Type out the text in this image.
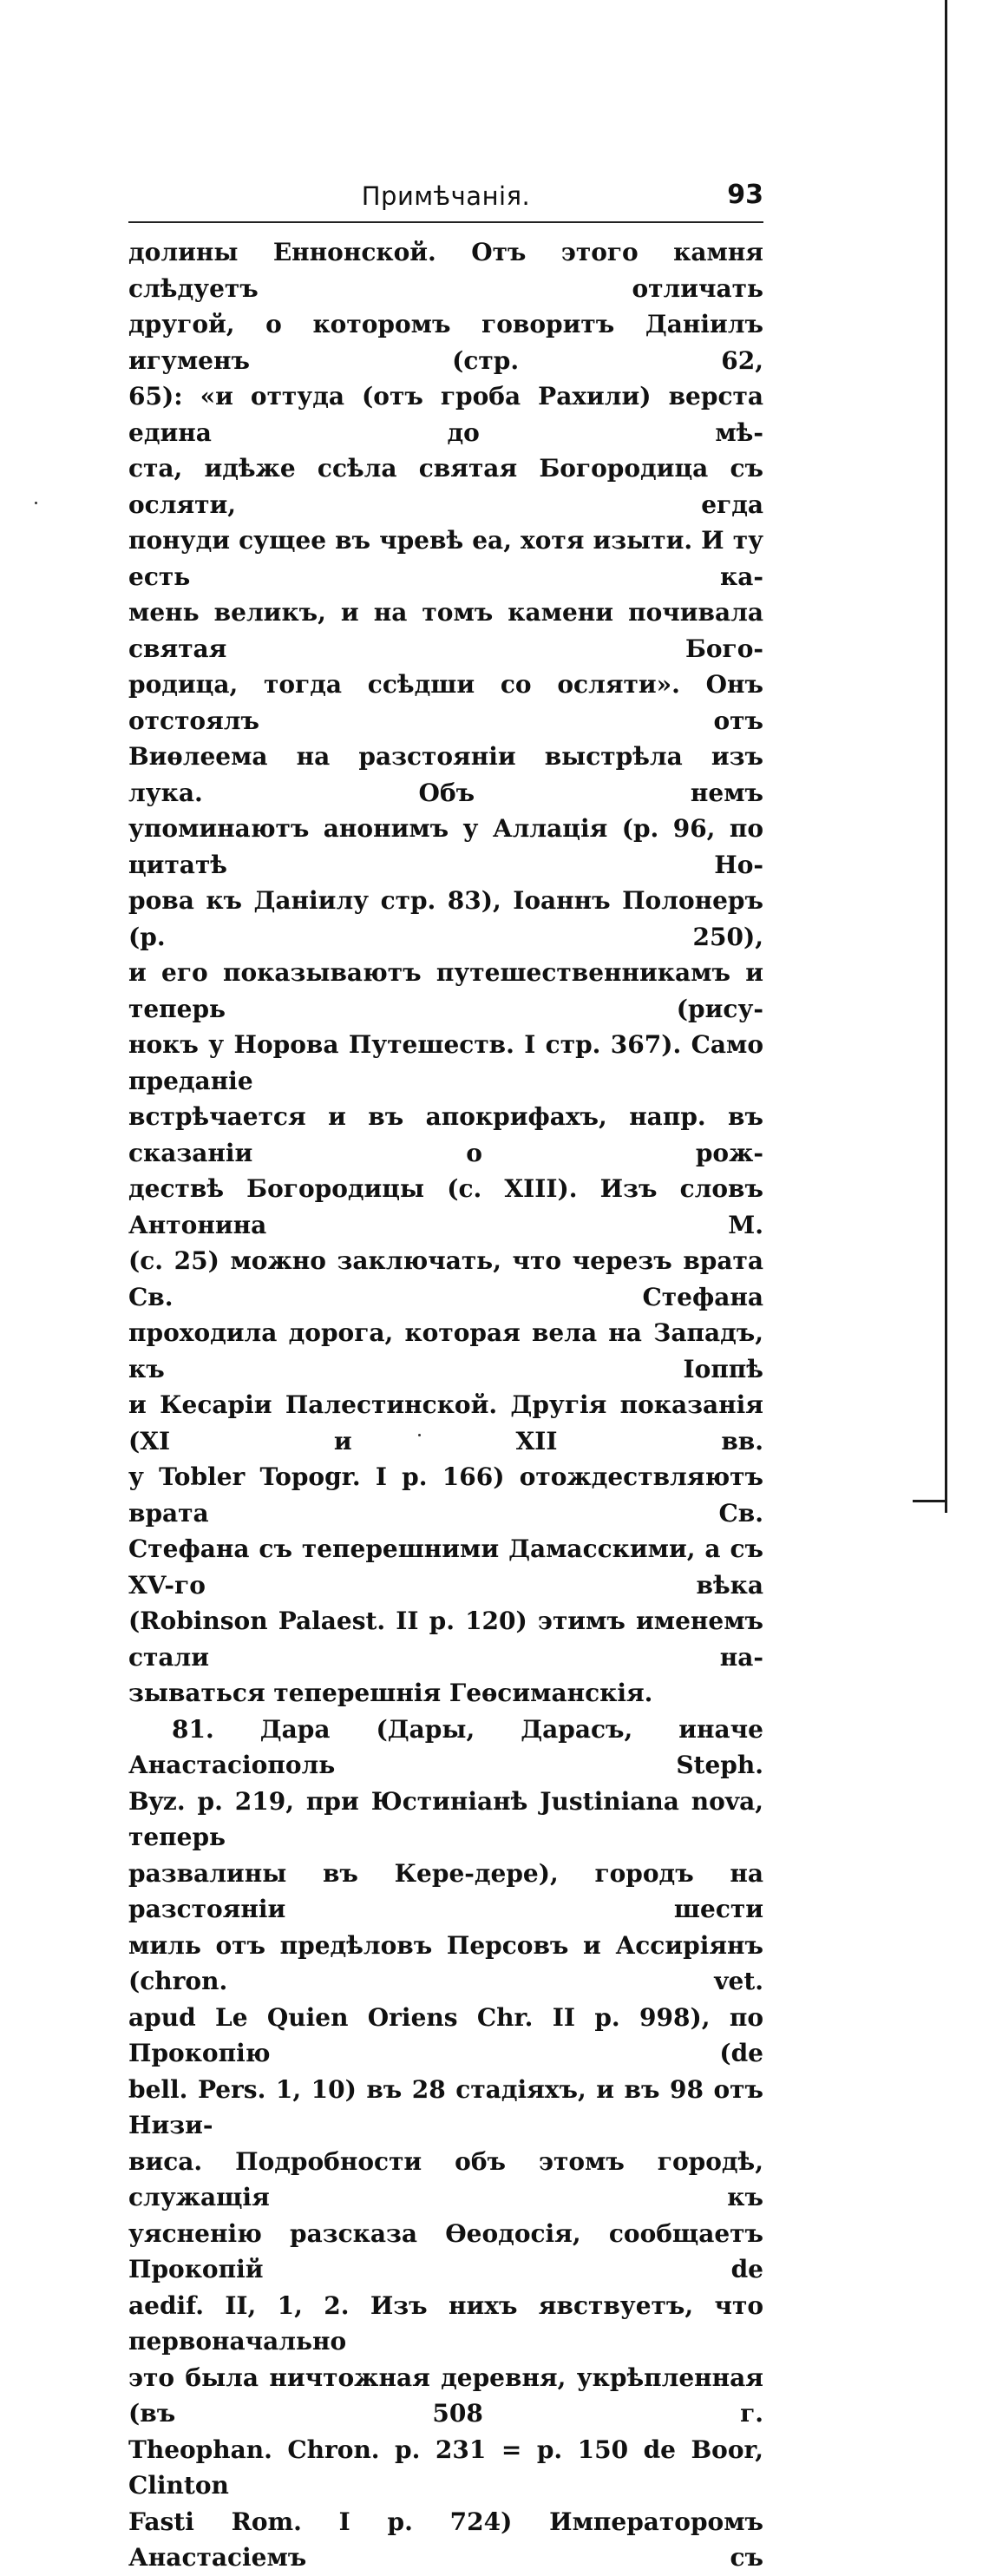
Примѣчанія.	93

долины Еннонской. Отъ этого камня слѣдуетъ отличать

другой, о которомъ говоритъ Даніилъ игуменъ (стр. 62,

65): «и оттуда (отъ гроба Рахили) верста едина до мѣ-

ста, идѣже ссѣла святая Богородица съ осляти, егда

понуди сущее въ чревѣ еа, хотя изыти. И ту есть ка-

мень великъ, и на томъ камени почивала святая Бого-

родица, тогда ссѣдши со осляти». Онъ отстоялъ отъ

Виѳлеема на разстояніи выстрѣла изъ лука. Объ немъ

упоминаютъ анонимъ у Аллація (р. 96, по цитатѣ Но-

рова къ Даніилу стр. 83), Іоаннъ Полонеръ (р. 250),

и его показываютъ путешественникамъ и теперь (рису-

нокъ у Норова Путешеств. I стр. 367). Само преданіе

встрѣчается и въ апокрифахъ, напр. въ сказаніи о рож-

дествѣ Богородицы (с. XIII). Изъ словъ Антонина М.

(с. 25) можно заключать, что черезъ врата Св. Стефана

проходила дорога, которая вела на Западъ, къ Іоппѣ

и Кесаріи Палестинской. Другія показанія (XI и XII вв.

у Tobler Topogr. I p. 166) отождествляютъ врата Св.

Стефана съ теперешними Дамасскими, а съ XV-го вѣка

(Robinson Palaest. II p. 120) этимъ именемъ стали на-

зываться теперешнія Геѳсиманскія.

81. Дара (Дары, Дарасъ, иначе Анастасіополь Steph.

Byz. p. 219, при Юстиніанѣ Justiniana nova, теперь

развалины въ Кере-дере), городъ на разстояніи шести

миль отъ предѣловъ Персовъ и Ассиріянъ (chron. vet.

apud Le Quien Oriens Chr. II p. 998), по Прокопію (de

bell. Pers. 1, 10) въ 28 стадіяхъ, и въ 98 отъ Низи-

виса. Подробности объ этомъ городѣ, служащія къ

уясненію разсказа Ѳеодосія, сообщаетъ Прокопій de

aedif. II, 1, 2. Изъ нихъ явствуетъ, что первоначально

это была ничтожная деревня, укрѣпленная (въ 508 г.

Theophan. Chron. p. 231 = p. 150 de Boor, Clinton

Fasti Rom. I p. 724) Императоромъ Анастасіемъ съ
